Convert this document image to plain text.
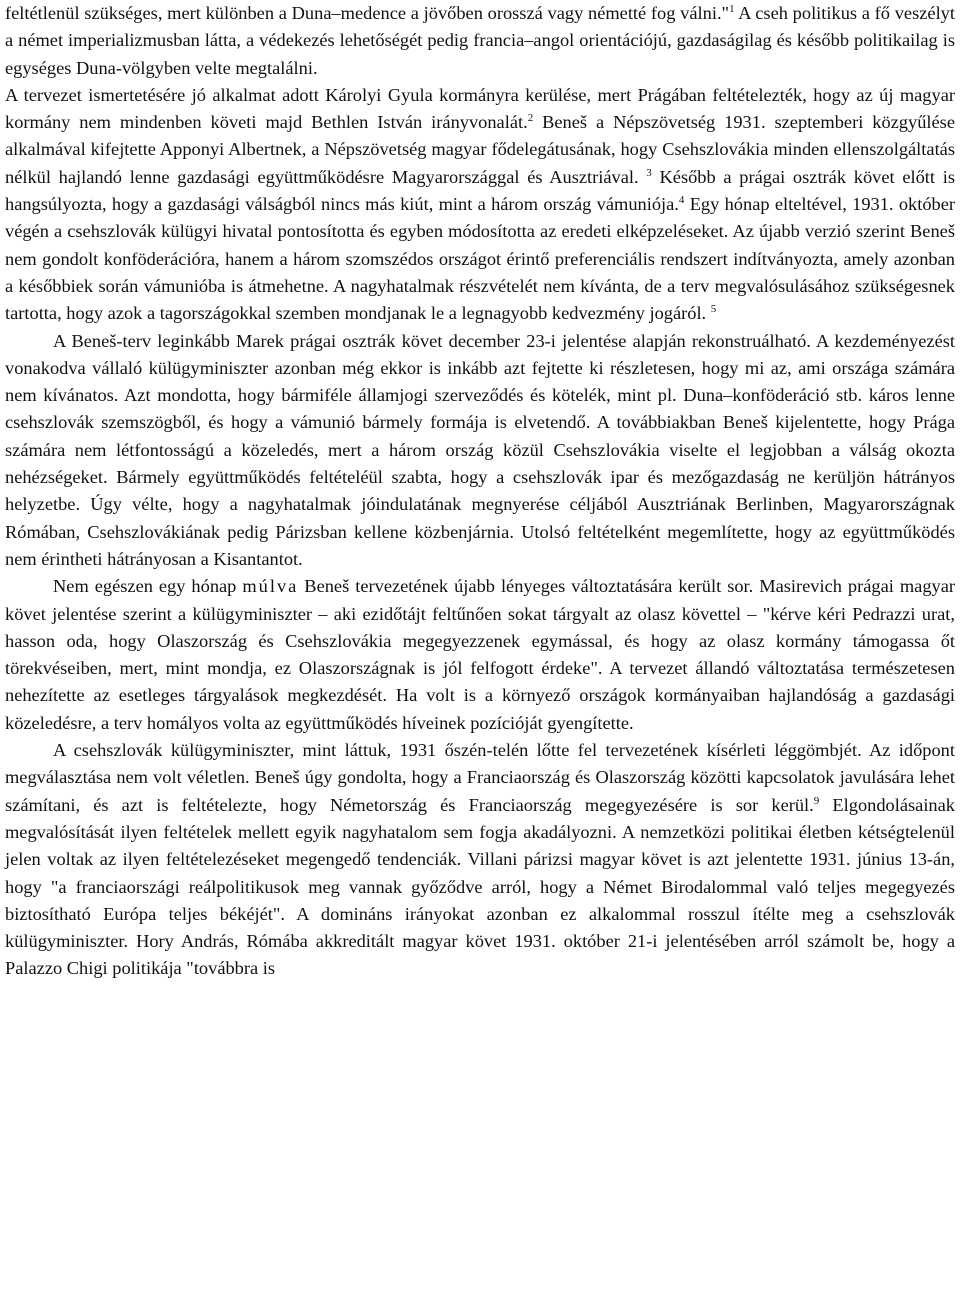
feltétlenül szükséges, mert különben a Duna–medence a jövőben orosszá vagy németté fog válni."$^1$ A cseh politikus a fő veszélyt a német imperializmusban látta, a védekezés lehetőségét pedig francia–angol orientációjú, gazdaságilag és később politikailag is egységes Duna-völgyben velte megtalálni.

A tervezet ismertetésére jó alkalmat adott Károlyi Gyula kormányra kerülése, mert Prágában feltételezték, hogy az új magyar kormány nem mindenben követi majd Bethlen István irányvonalát.$^2$ Beneš a Népszövetség 1931. szeptemberi közgyűlése alkalmával kifejtette Apponyi Albertnek, a Népszövetség magyar fődelegátusának, hogy Csehszlovákia minden ellenszolgáltatás nélkül hajlandó lenne gazdasági együttműködésre Magyarországgal és Ausztriával. $^3$ Később a prágai osztrák követ előtt is hangsúlyozta, hogy a gazdasági válságból nincs más kiút, mint a három ország vámuniója.$^4$ Egy hónap elteltével, 1931. október végén a csehszlovák külügyi hivatal pontosította és egyben módosította az eredeti elképzeléseket. Az újabb verzió szerint Beneš nem gondolt konföderációra, hanem a három szomszédos országot érintő preferenciális rendszert indítványozta, amely azonban a későbbiek során vámunióba is átmehetne. A nagyhatalmak részvételét nem kívánta, de a terv megvalósulásához szükségesnek tartotta, hogy azok a tagországokkal szemben mondjanak le a legnagyobb kedvezmény jogáról. $^5$

A Beneš-terv leginkább Marek prágai osztrák követ december 23-i jelentése alapján rekonstruálható. A kezdeményezést vonakodva vállaló külügyminiszter azonban még ekkor is inkább azt fejtette ki részletesen, hogy mi az, ami országa számára nem kívánatos. Azt mondotta, hogy bármiféle államjogi szerveződés és kötelék, mint pl. Duna–konföderáció stb. káros lenne csehszlovák szemszögből, és hogy a vámunió bármely formája is elvetendő. A továbbiakban Beneš kijelentette, hogy Prága számára nem létfontosságú a közeledés, mert a három ország közül Csehszlovákia viselte el legjobban a válság okozta nehézségeket. Bármely együttműködés feltételéül szabta, hogy a csehszlovák ipar és mezőgazdaság ne kerüljön hátrányos helyzetbe. Úgy vélte, hogy a nagyhatalmak jóindulatának megnyerése céljából Ausztriának Berlinben, Magyarországnak Rómában, Csehszlovákiának pedig Párizsban kellene közbenjárnia. Utolsó feltételként megemlítette, hogy az együttműködés nem érintheti hátrányosan a Kisantantot.

Nem egészen egy hónap múlva Beneš tervezetének újabb lényeges változtatására került sor. Masirevich prágai magyar követ jelentése szerint a külügyminiszter – aki ezidőtájt feltűnően sokat tárgyalt az olasz követtel – "kérve kéri Pedrazzi urat, hasson oda, hogy Olaszország és Csehszlovákia megegyezzenek egymással, és hogy az olasz kormány támogassa őt törekvéseiben, mert, mint mondja, ez Olaszországnak is jól felfogott érdeke". A tervezet állandó változtatása természetesen nehezítette az esetleges tárgyalások megkezdését. Ha volt is a környező országok kormányaiban hajlandóság a gazdasági közeledésre, a terv homályos volta az együttműködés híveinek pozícióját gyengítette.

A csehszlovák külügyminiszter, mint láttuk, 1931 őszén-telén lőtte fel tervezetének kísérleti léggömbjét. Az időpont megválasztása nem volt véletlen. Beneš úgy gondolta, hogy a Franciaország és Olaszország közötti kapcsolatok javulására lehet számítani, és azt is feltételezte, hogy Németország és Franciaország megegyezésére is sor kerül.$^9$ Elgondolásainak megvalósítását ilyen feltételek mellett egyik nagyhatalom sem fogja akadályozni. A nemzetközi politikai életben kétségtelenül jelen voltak az ilyen feltételezéseket megengedő tendenciák. Villani párizsi magyar követ is azt jelentette 1931. június 13-án, hogy "a franciaországi reálpolitikusok meg vannak győződve arról, hogy a Német Birodalommal való teljes megegyezés biztosítható Európa teljes békéjét". A domináns irányokat azonban ez alkalommal rosszul ítélte meg a csehszlovák külügyminiszter. Hory András, Rómába akkreditált magyar követ 1931. október 21-i jelentésében arról számolt be, hogy a Palazzo Chigi politikája "továbbra is
